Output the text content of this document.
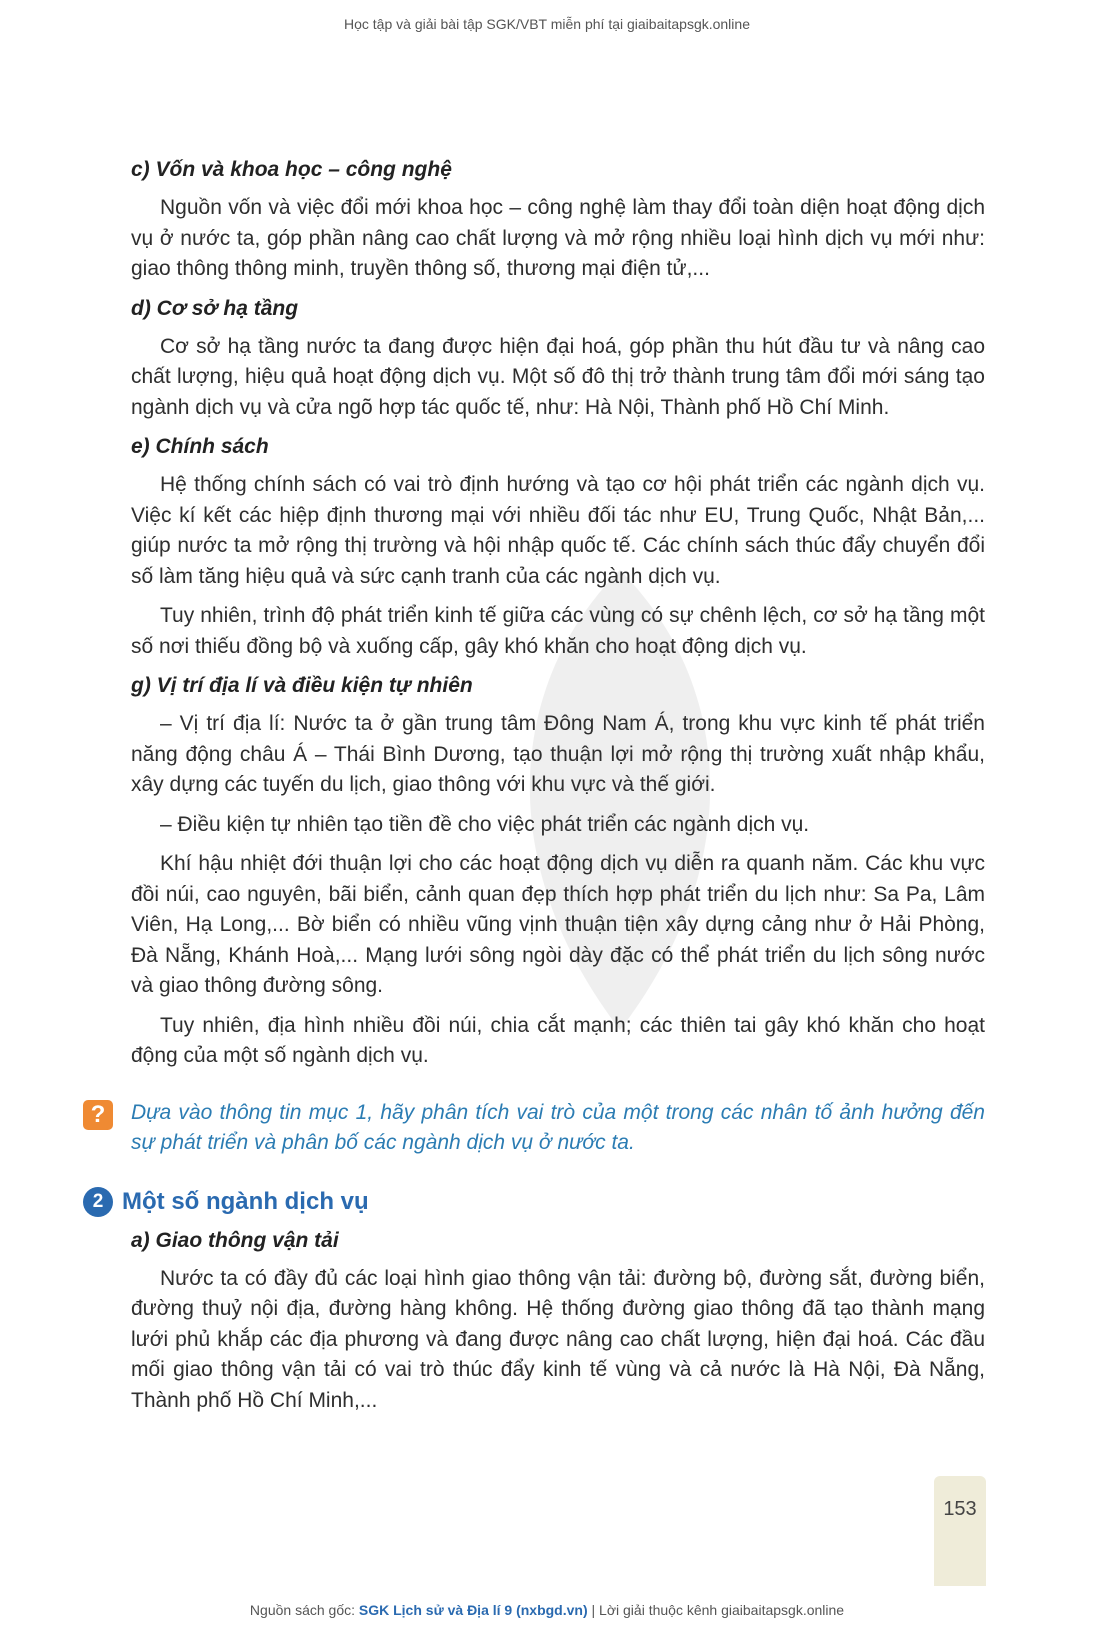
Học tập và giải bài tập SGK/VBT miễn phí tại giaibaitapsgk.online

c) Vốn và khoa học – công nghệ

Nguồn vốn và việc đổi mới khoa học – công nghệ làm thay đổi toàn diện hoạt động dịch vụ ở nước ta, góp phần nâng cao chất lượng và mở rộng nhiều loại hình dịch vụ mới như: giao thông thông minh, truyền thông số, thương mại điện tử,...

d) Cơ sở hạ tầng

Cơ sở hạ tầng nước ta đang được hiện đại hoá, góp phần thu hút đầu tư và nâng cao chất lượng, hiệu quả hoạt động dịch vụ. Một số đô thị trở thành trung tâm đổi mới sáng tạo ngành dịch vụ và cửa ngõ hợp tác quốc tế, như: Hà Nội, Thành phố Hồ Chí Minh.

e) Chính sách

Hệ thống chính sách có vai trò định hướng và tạo cơ hội phát triển các ngành dịch vụ. Việc kí kết các hiệp định thương mại với nhiều đối tác như EU, Trung Quốc, Nhật Bản,... giúp nước ta mở rộng thị trường và hội nhập quốc tế. Các chính sách thúc đẩy chuyển đổi số làm tăng hiệu quả và sức cạnh tranh của các ngành dịch vụ.

Tuy nhiên, trình độ phát triển kinh tế giữa các vùng có sự chênh lệch, cơ sở hạ tầng một số nơi thiếu đồng bộ và xuống cấp, gây khó khăn cho hoạt động dịch vụ.

g) Vị trí địa lí và điều kiện tự nhiên

– Vị trí địa lí: Nước ta ở gần trung tâm Đông Nam Á, trong khu vực kinh tế phát triển năng động châu Á – Thái Bình Dương, tạo thuận lợi mở rộng thị trường xuất nhập khẩu, xây dựng các tuyến du lịch, giao thông với khu vực và thế giới.

– Điều kiện tự nhiên tạo tiền đề cho việc phát triển các ngành dịch vụ.

Khí hậu nhiệt đới thuận lợi cho các hoạt động dịch vụ diễn ra quanh năm. Các khu vực đồi núi, cao nguyên, bãi biển, cảnh quan đẹp thích hợp phát triển du lịch như: Sa Pa, Lâm Viên, Hạ Long,... Bờ biển có nhiều vũng vịnh thuận tiện xây dựng cảng như ở Hải Phòng, Đà Nẵng, Khánh Hoà,... Mạng lưới sông ngòi dày đặc có thể phát triển du lịch sông nước và giao thông đường sông.

Tuy nhiên, địa hình nhiều đồi núi, chia cắt mạnh; các thiên tai gây khó khăn cho hoạt động của một số ngành dịch vụ.

?	Dựa vào thông tin mục 1, hãy phân tích vai trò của một trong các nhân tố ảnh hưởng đến sự phát triển và phân bố các ngành dịch vụ ở nước ta.

2 Một số ngành dịch vụ

a) Giao thông vận tải

Nước ta có đầy đủ các loại hình giao thông vận tải: đường bộ, đường sắt, đường biển, đường thuỷ nội địa, đường hàng không. Hệ thống đường giao thông đã tạo thành mạng lưới phủ khắp các địa phương và đang được nâng cao chất lượng, hiện đại hoá. Các đầu mối giao thông vận tải có vai trò thúc đẩy kinh tế vùng và cả nước là Hà Nội, Đà Nẵng, Thành phố Hồ Chí Minh,...

153
Nguồn sách gốc: SGK Lịch sử và Địa lí 9 (nxbgd.vn) | Lời giải thuộc kênh giaibaitapsgk.online
